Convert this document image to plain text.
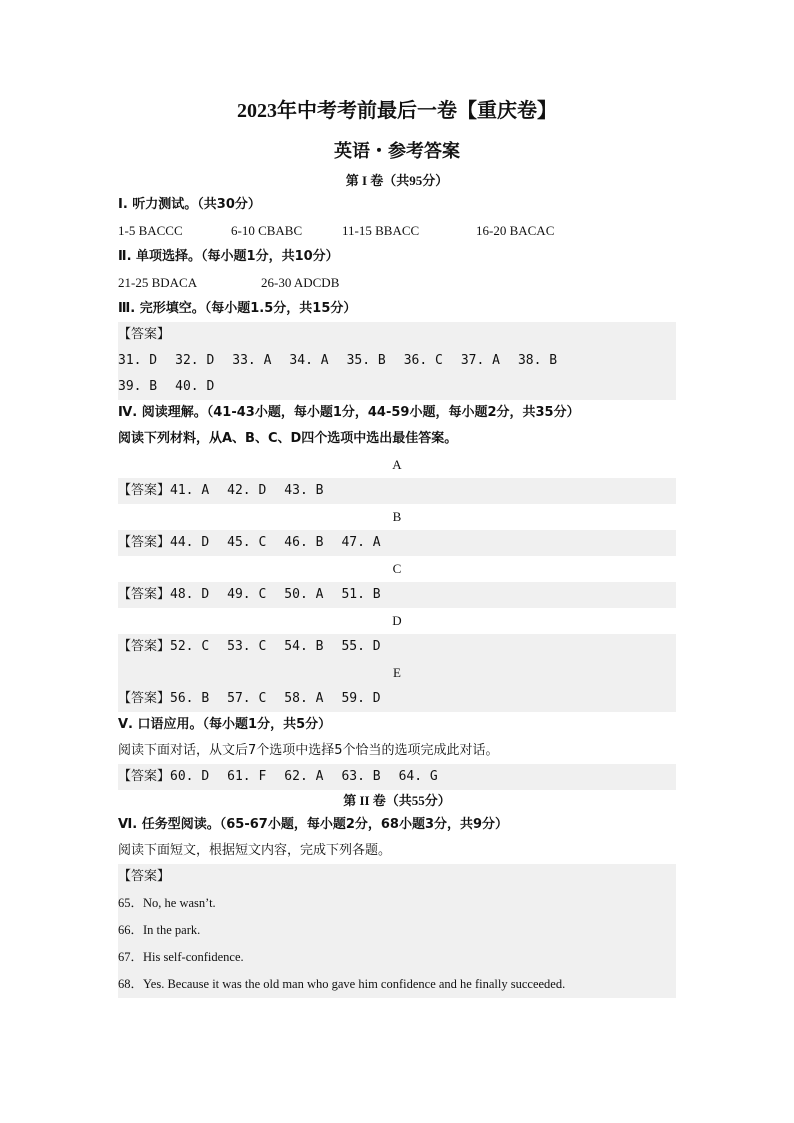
2023年中考考前最后一卷【重庆卷】
英语・参考答案
第 I 卷（共95分）
Ⅰ. 听力测试。（共30分）
1-5 BACCC	6-10 CBABC	11-15 BBACC	16-20 BACAC
Ⅱ. 单项选择。（每小题1分，共10分）
21-25 BDACA	26-30 ADCDB
Ⅲ. 完形填空。（每小题1.5分，共15分）
【答案】
31. D 32. D 33. A 34. A 35. B 36. C 37. A 38. B
39. B 40. D
Ⅳ. 阅读理解。（41-43小题，每小题1分，44-59小题，每小题2分，共35分）
阅读下列材料，从A、B、C、D四个选项中选出最佳答案。
A
【答案】41. A 42. D 43. B
B
【答案】44. D 45. C 46. B 47. A
C
【答案】48. D 49. C 50. A 51. B
D
【答案】52. C 53. C 54. B 55. D
E
【答案】56. B 57. C 58. A 59. D
Ⅴ. 口语应用。（每小题1分，共5分）
阅读下面对话，从文后7个选项中选择5个恰当的选项完成此对话。
【答案】60. D 61. F 62. A 63. B 64. G
第 II 卷（共55分）
Ⅵ. 任务型阅读。（65-67小题，每小题2分，68小题3分，共9分）
阅读下面短文，根据短文内容，完成下列各题。
【答案】
65．No, he wasn’t.
66．In the park.
67．His self-confidence.
68．Yes. Because it was the old man who gave him confidence and he finally succeeded.
